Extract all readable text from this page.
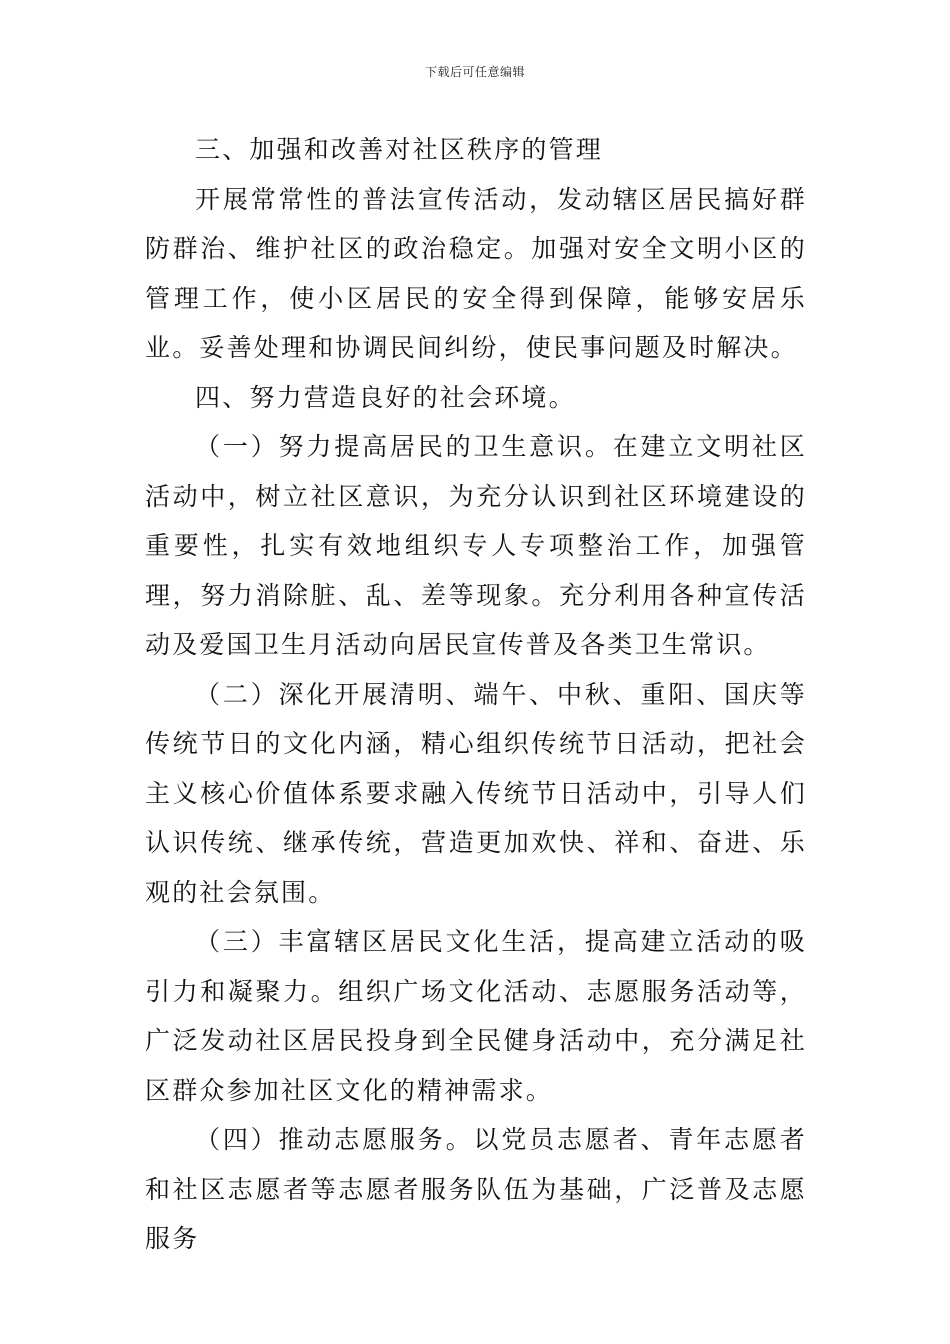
下载后可任意编辑

三、加强和改善对社区秩序的管理

开展常常性的普法宣传活动，发动辖区居民搞好群防群治、维护社区的政治稳定。加强对安全文明小区的管理工作，使小区居民的安全得到保障，能够安居乐业。妥善处理和协调民间纠纷，使民事问题及时解决。

四、努力营造良好的社会环境。

（一）努力提高居民的卫生意识。在建立文明社区活动中，树立社区意识，为充分认识到社区环境建设的重要性，扎实有效地组织专人专项整治工作，加强管理，努力消除脏、乱、差等现象。充分利用各种宣传活动及爱国卫生月活动向居民宣传普及各类卫生常识。

（二）深化开展清明、端午、中秋、重阳、国庆等传统节日的文化内涵，精心组织传统节日活动，把社会主义核心价值体系要求融入传统节日活动中，引导人们认识传统、继承传统，营造更加欢快、祥和、奋进、乐观的社会氛围。

（三）丰富辖区居民文化生活，提高建立活动的吸引力和凝聚力。组织广场文化活动、志愿服务活动等，广泛发动社区居民投身到全民健身活动中，充分满足社区群众参加社区文化的精神需求。

（四）推动志愿服务。以党员志愿者、青年志愿者和社区志愿者等志愿者服务队伍为基础，广泛普及志愿服务
